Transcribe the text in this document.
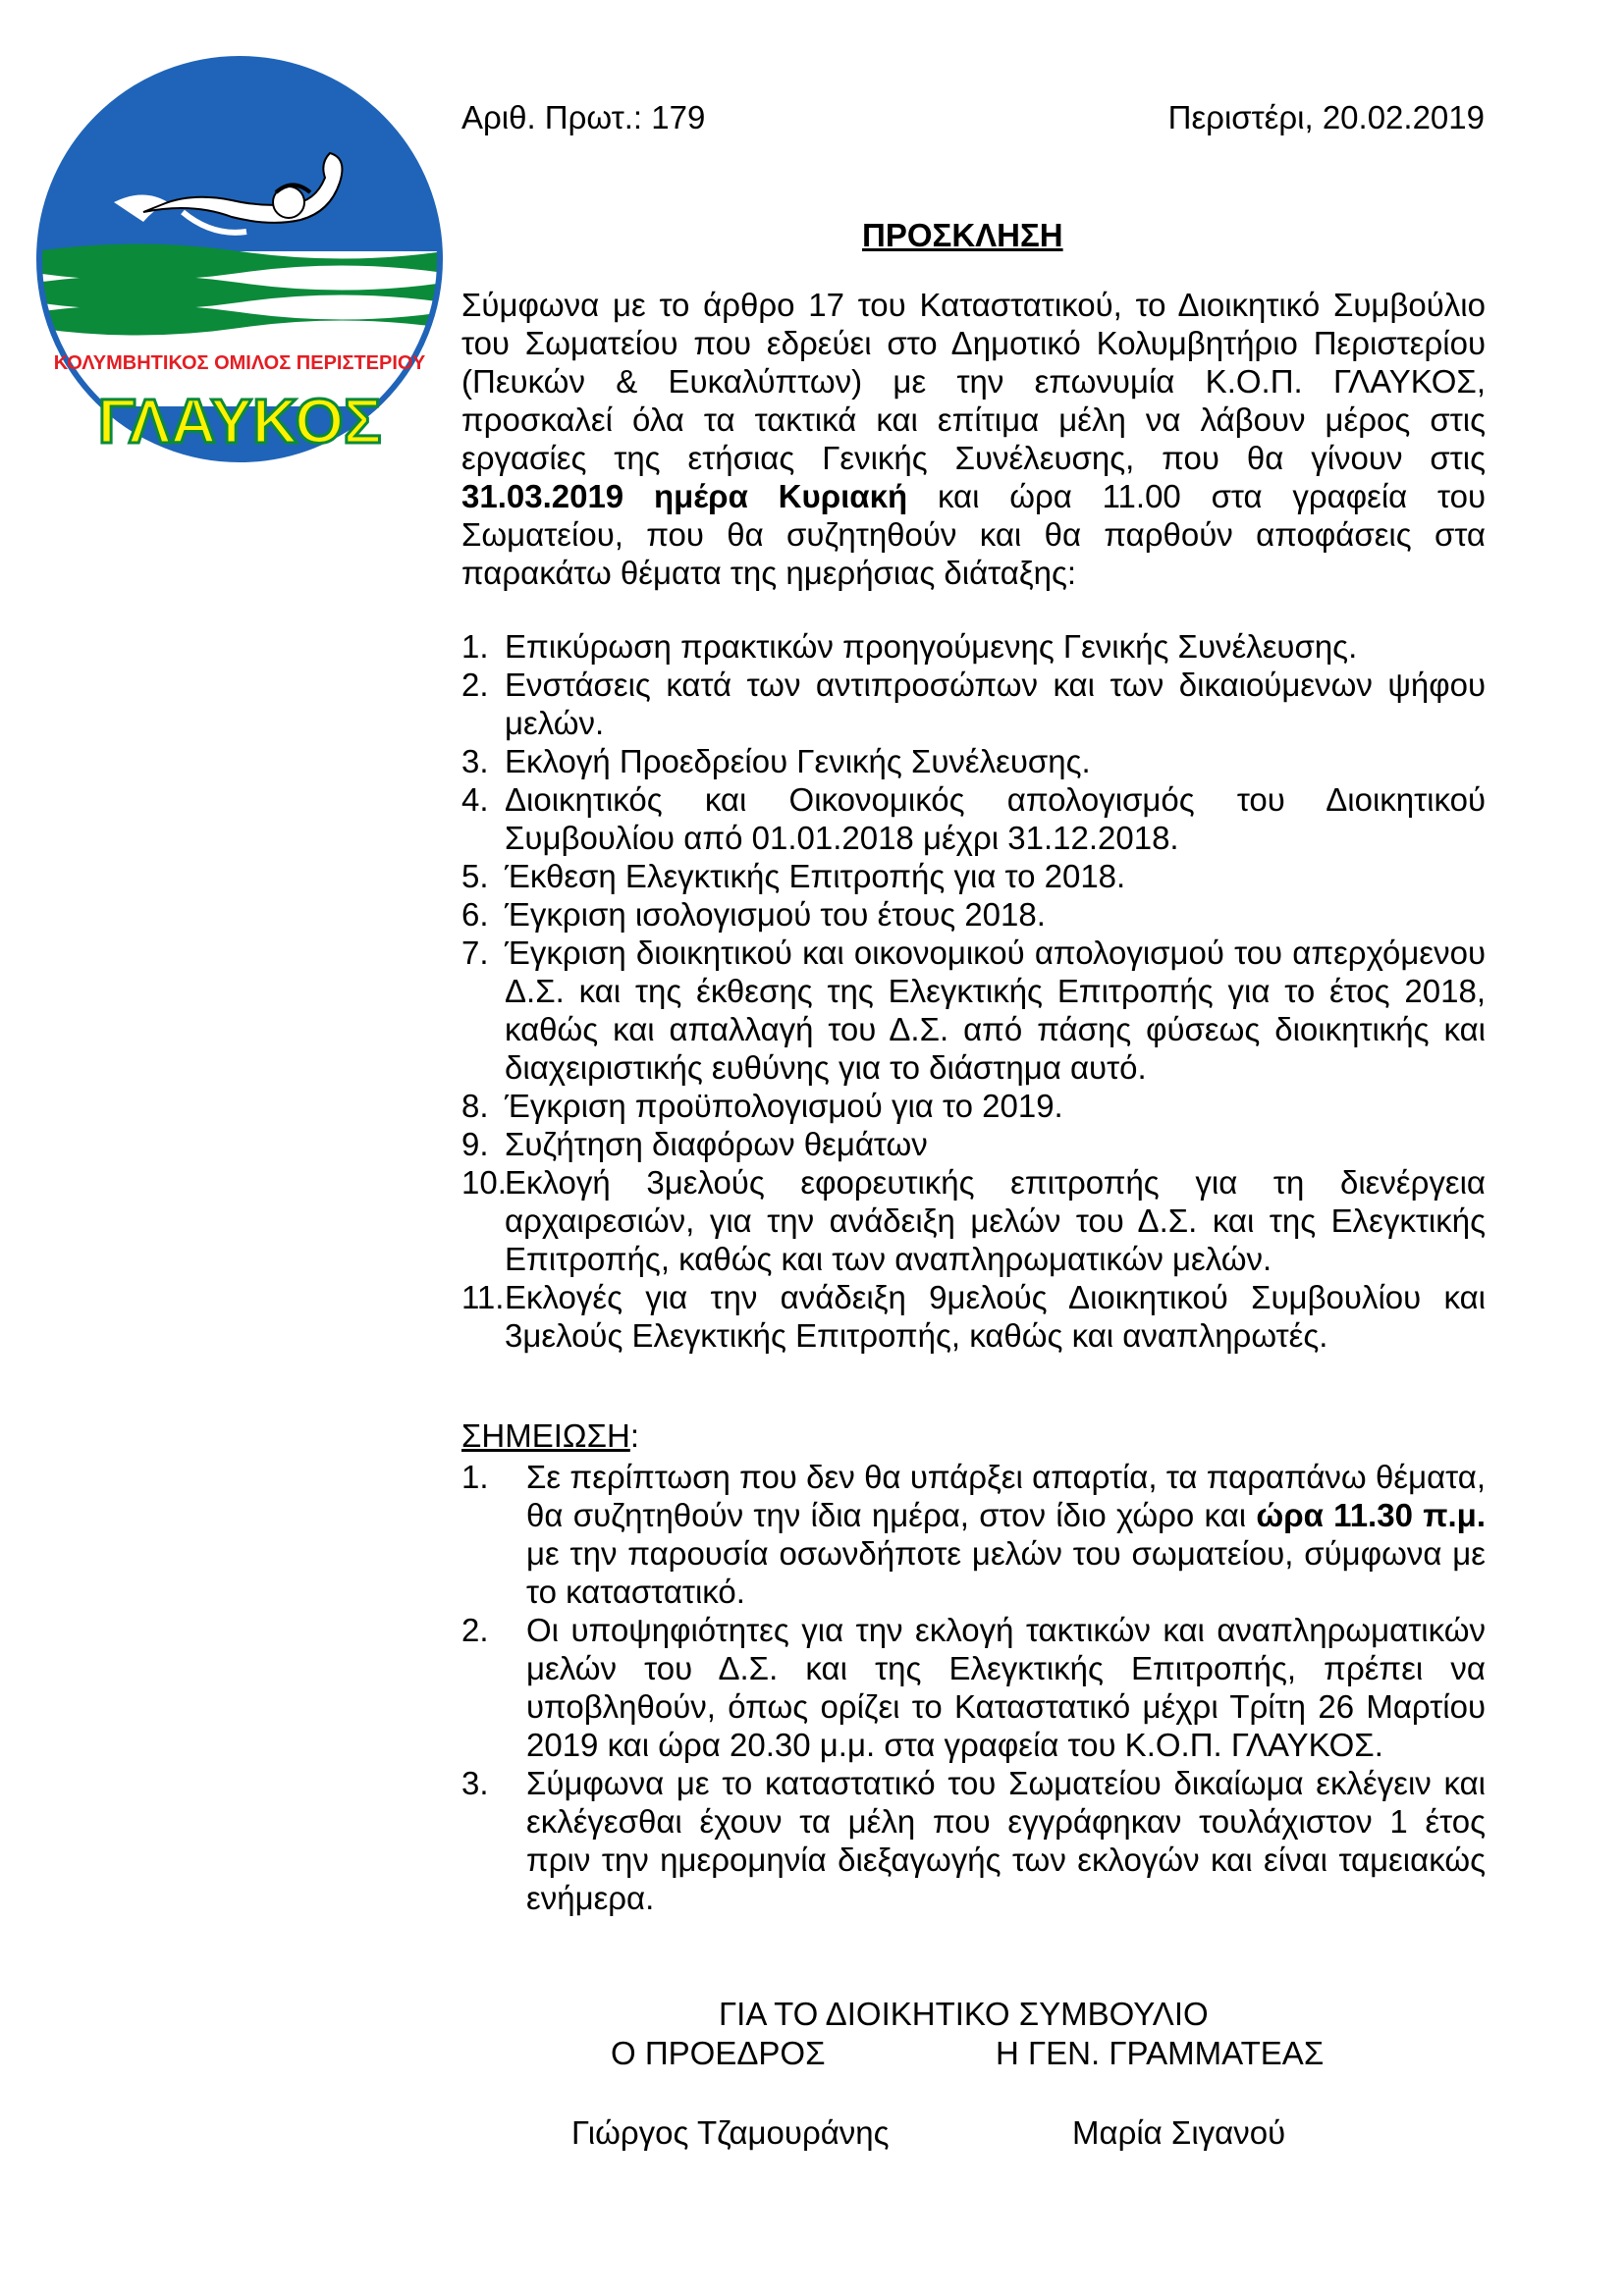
ΚΟΛΥΜΒΗΤΙΚΟΣ ΟΜΙΛΟΣ ΠΕΡΙΣΤΕΡΙΟΥ
ΓΛΑΥΚΟΣ
Αριθ. Πρωτ.: 179	Περιστέρι, 20.02.2019
ΠΡΟΣΚΛΗΣΗ

Σύμφωνα με το άρθρο 17 του Καταστατικού, το Διοικητικό Συμβούλιο του Σωματείου που εδρεύει στο Δημοτικό Κολυμβητήριο Περιστερίου (Πευκών & Ευκαλύπτων) με την επωνυμία Κ.Ο.Π. ΓΛΑΥΚΟΣ, προσκαλεί όλα τα τακτικά και επίτιμα μέλη να λάβουν μέρος στις εργασίες της ετήσιας Γενικής Συνέλευσης, που θα γίνουν στις 31.03.2019 ημέρα Κυριακή και ώρα 11.00 στα γραφεία του Σωματείου, που θα συζητηθούν και θα παρθούν αποφάσεις στα παρακάτω θέματα της ημερήσιας διάταξης:

1. Επικύρωση πρακτικών προηγούμενης Γενικής Συνέλευσης.
2. Ενστάσεις κατά των αντιπροσώπων και των δικαιούμενων ψήφου μελών.
3. Εκλογή Προεδρείου Γενικής Συνέλευσης.
4. Διοικητικός και Οικονομικός απολογισμός του Διοικητικού Συμβουλίου από 01.01.2018 μέχρι 31.12.2018.
5. Έκθεση Ελεγκτικής Επιτροπής για το 2018.
6. Έγκριση ισολογισμού του έτους 2018.
7. Έγκριση διοικητικού και οικονομικού απολογισμού του απερχόμενου Δ.Σ. και της έκθεσης της Ελεγκτικής Επιτροπής για το έτος 2018, καθώς και απαλλαγή του Δ.Σ. από πάσης φύσεως διοικητικής και διαχειριστικής ευθύνης για το διάστημα αυτό.
8. Έγκριση προϋπολογισμού για το 2019.
9. Συζήτηση διαφόρων θεμάτων
10.
Εκλογή 3μελούς εφορευτικής επιτροπής για τη διενέργεια αρχαιρεσιών, για την ανάδειξη μελών του Δ.Σ. και της Ελεγκτικής Επιτροπής, καθώς και των αναπληρωματικών μελών.
11. Εκλογές για την ανάδειξη 9μελούς Διοικητικού Συμβουλίου και 3μελούς Ελεγκτικής Επιτροπής, καθώς και αναπληρωτές.
ΣΗΜΕΙΩΣΗ:
1. Σε περίπτωση που δεν θα υπάρξει απαρτία, τα παραπάνω θέματα, θα συζητηθούν την ίδια ημέρα, στον ίδιο χώρο και ώρα 11.30 π.μ. με την παρουσία οσωνδήποτε μελών του σωματείου, σύμφωνα με το καταστατικό.
2. Οι υποψηφιότητες για την εκλογή τακτικών και αναπληρωματικών μελών του Δ.Σ. και της Ελεγκτικής Επιτροπής, πρέπει να υποβληθούν, όπως ορίζει το Καταστατικό μέχρι Τρίτη 26 Μαρτίου 2019 και ώρα 20.30 μ.μ. στα γραφεία του Κ.Ο.Π. ΓΛΑΥΚΟΣ.
3. Σύμφωνα με το καταστατικό του Σωματείου δικαίωμα εκλέγειν και εκλέγεσθαι έχουν τα μέλη που εγγράφηκαν τουλάχιστον 1 έτος πριν την ημερομηνία διεξαγωγής των εκλογών και είναι ταμειακώς ενήμερα.
ΓΙΑ ΤΟ ΔΙΟΙΚΗΤΙΚΟ ΣΥΜΒΟΥΛΙΟ
Ο ΠΡΟΕΔΡΟΣ	Η ΓΕΝ. ΓΡΑΜΜΑΤΕΑΣ
Γιώργος Τζαμουράνης	Μαρία Σιγανού
